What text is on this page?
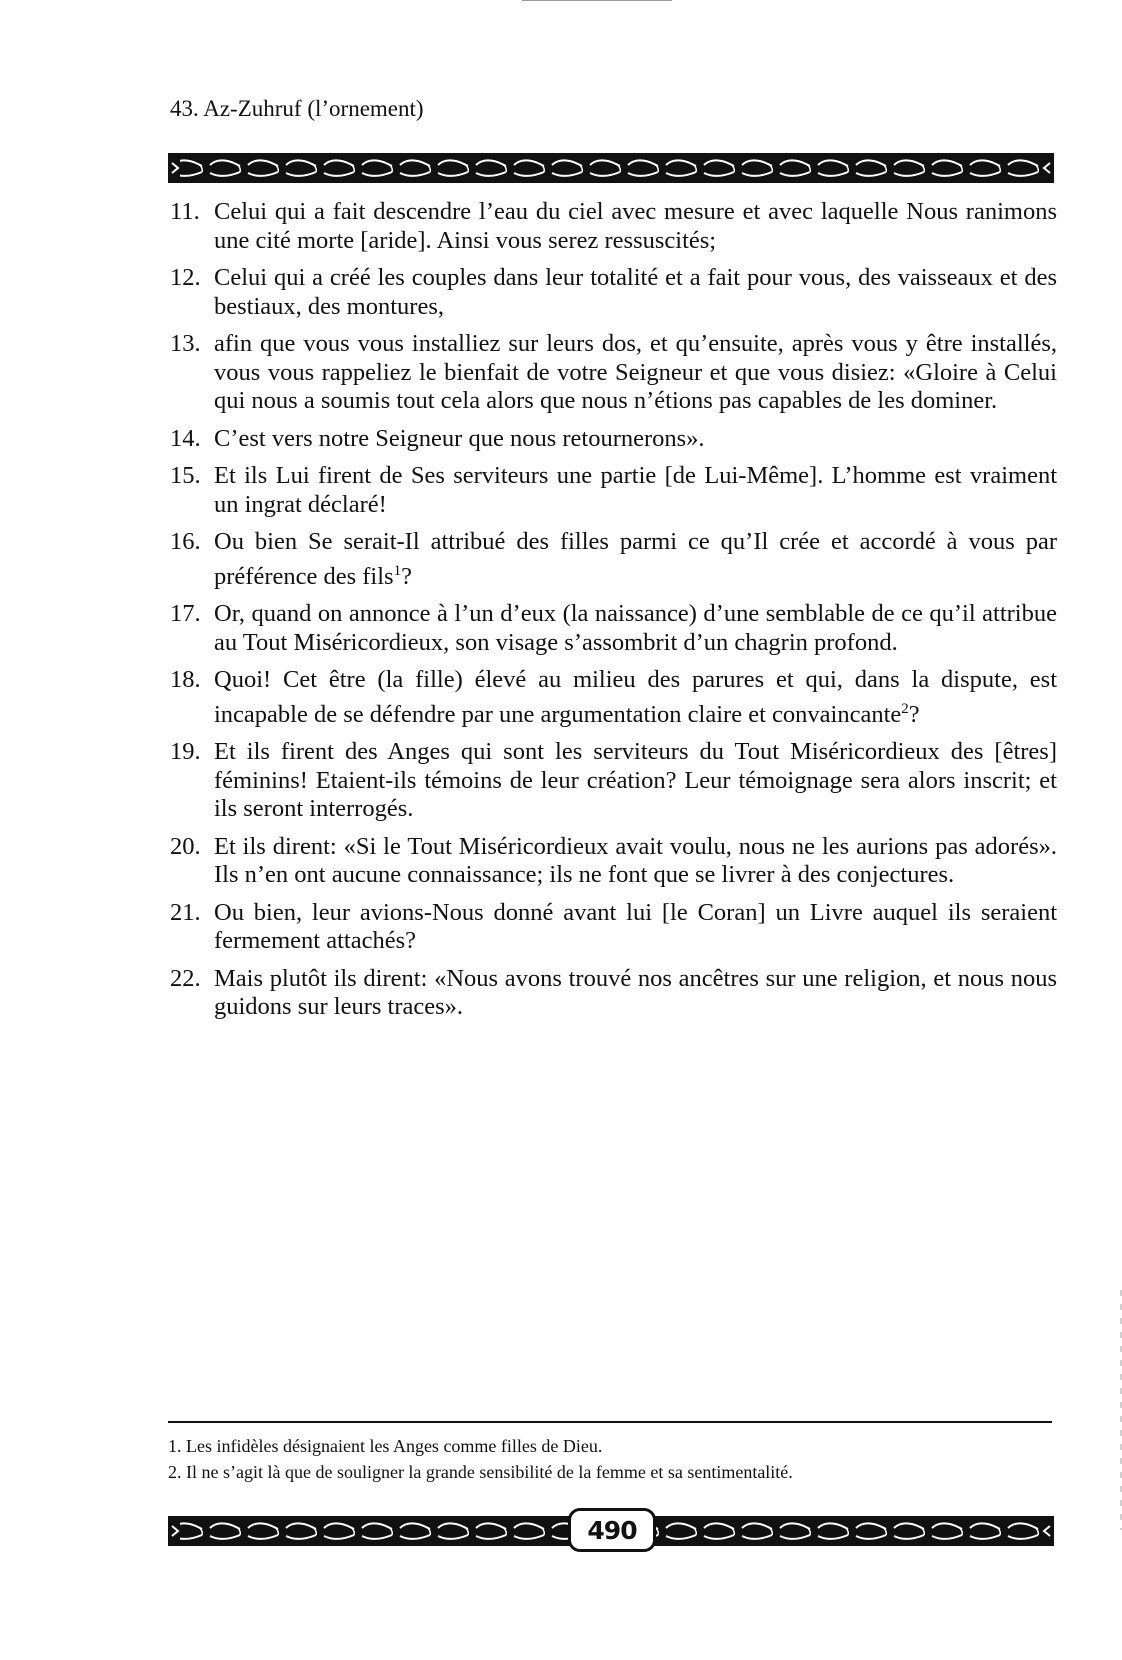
43. Az-Zuhruf (l’ornement)
11. Celui qui a fait descendre l’eau du ciel avec mesure et avec laquelle Nous ranimons une cité morte [aride]. Ainsi vous serez ressuscités;
12. Celui qui a créé les couples dans leur totalité et a fait pour vous, des vaisseaux et des bestiaux, des montures,
13. afin que vous vous installiez sur leurs dos, et qu’ensuite, après vous y être installés, vous vous rappeliez le bienfait de votre Seigneur et que vous disiez: «Gloire à Celui qui nous a soumis tout cela alors que nous n’étions pas capables de les dominer.
14. C’est vers notre Seigneur que nous retournerons».
15. Et ils Lui firent de Ses serviteurs une partie [de Lui-Même]. L’homme est vraiment un ingrat déclaré!
16. Ou bien Se serait-Il attribué des filles parmi ce qu’Il crée et accordé à vous par préférence des fils$^1$?
17. Or, quand on annonce à l’un d’eux (la naissance) d’une semblable de ce qu’il attribue au Tout Miséricordieux, son visage s’assombrit d’un chagrin profond.
18. Quoi! Cet être (la fille) élevé au milieu des parures et qui, dans la dispute, est incapable de se défendre par une argumentation claire et convaincante$^2$?
19. Et ils firent des Anges qui sont les serviteurs du Tout Miséricordieux des [êtres] féminins! Etaient-ils témoins de leur création? Leur témoignage sera alors inscrit; et ils seront interrogés.
20. Et ils dirent: «Si le Tout Miséricordieux avait voulu, nous ne les aurions pas adorés». Ils n’en ont aucune connaissance; ils ne font que se livrer à des conjectures.
21. Ou bien, leur avions-Nous donné avant lui [le Coran] un Livre auquel ils seraient fermement attachés?
22. Mais plutôt ils dirent: «Nous avons trouvé nos ancêtres sur une religion, et nous nous guidons sur leurs traces».
1. Les infidèles désignaient les Anges comme filles de Dieu.
2. Il ne s’agit là que de souligner la grande sensibilité de la femme et sa sentimentalité.
490
